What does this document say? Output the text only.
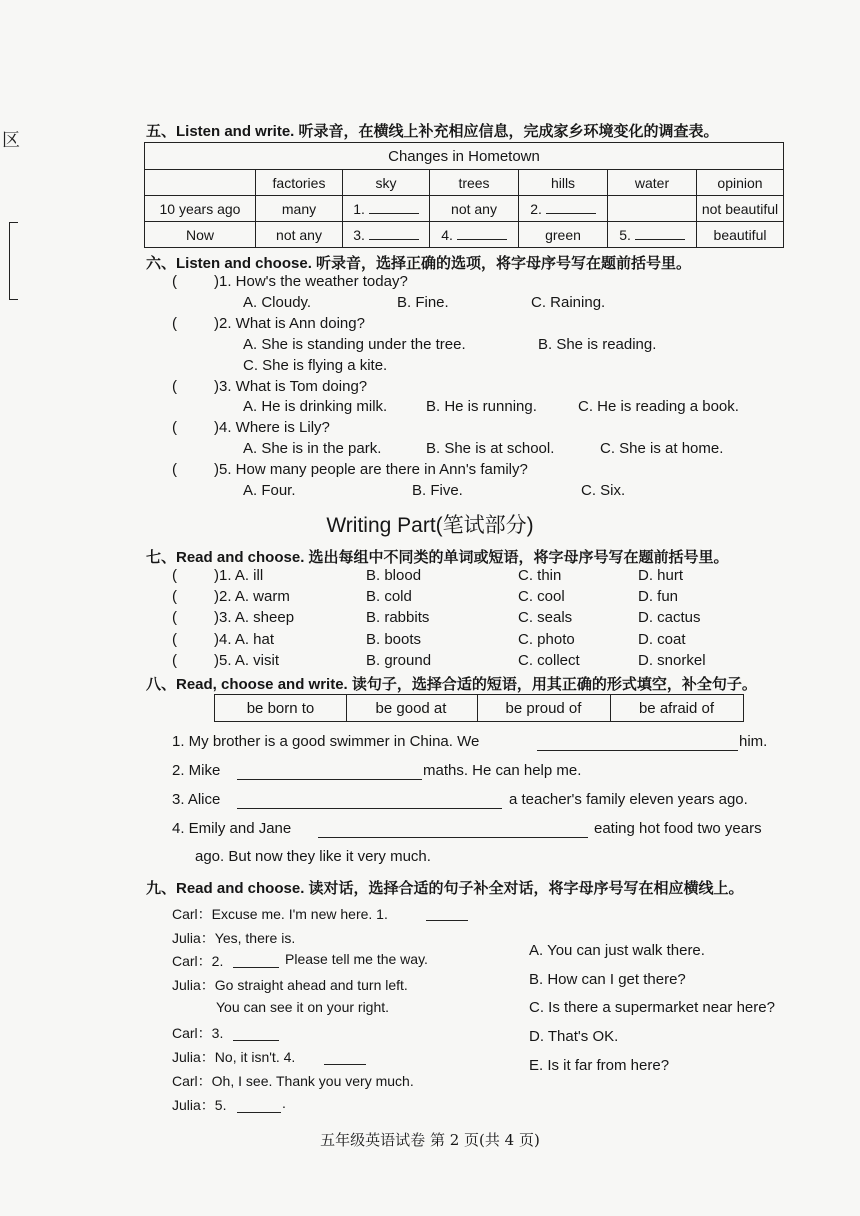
区	五、Listen and write. 听录音，在横线上补充相应信息，完成家乡环境变化的调查表。
Changes in Hometown						
	factories	sky	trees	hills	water	opinion
10 years ago	many	1.	not any	2.		not beautiful
Now	not any	3.	4.	green	5.	beautiful
六、Listen and choose. 听录音，选择正确的选项，将字母序号写在题前括号里。
( )1. How's the weather today?
A. Cloudy.	B. Fine.	C. Raining.
( )2. What is Ann doing?
A. She is standing under the tree.	B. She is reading.
C. She is flying a kite.
( )3. What is Tom doing?
A. He is drinking milk.	B. He is running.	C. He is reading a book.
( )4. Where is Lily?
A. She is in the park.	B. She is at school.	C. She is at home.
( )5. How many people are there in Ann's family?
A. Four.	B. Five.	C. Six.
Writing Part(笔试部分)
七、Read and choose. 选出每组中不同类的单词或短语，将字母序号写在题前括号里。
( )1. A. ill	B. blood	C. thin	D. hurt
( )2. A. warm	B. cold	C. cool	D. fun
( )3. A. sheep	B. rabbits	C. seals	D. cactus
( )4. A. hat	B. boots	C. photo	D. coat
( )5. A. visit	B. ground	C. collect	D. snorkel
八、Read, choose and write. 读句子，选择合适的短语，用其正确的形式填空，补全句子。
be born to	be good at	be proud of	be afraid of
1. My brother is a good swimmer in China. We	him.
2. Mike	maths. He can help me.
3. Alice	a teacher's family eleven years ago.
4. Emily and Jane	eating hot food two years
ago. But now they like it very much.
九、Read and choose. 读对话，选择合适的句子补全对话，将字母序号写在相应横线上。
Carl：Excuse me. I'm new here. 1.
Julia：Yes, there is.
Carl：2.	Please tell me the way.
Julia：Go straight ahead and turn left.
You can see it on your right.
Carl：3.
Julia：No, it isn't. 4.
Carl：Oh, I see. Thank you very much.
Julia：5.	.
A. You can just walk there.
B. How can I get there?
C. Is there a supermarket near here?
D. That's OK.
E. Is it far from here?
五年级英语试卷 第 2 页(共 4 页)
